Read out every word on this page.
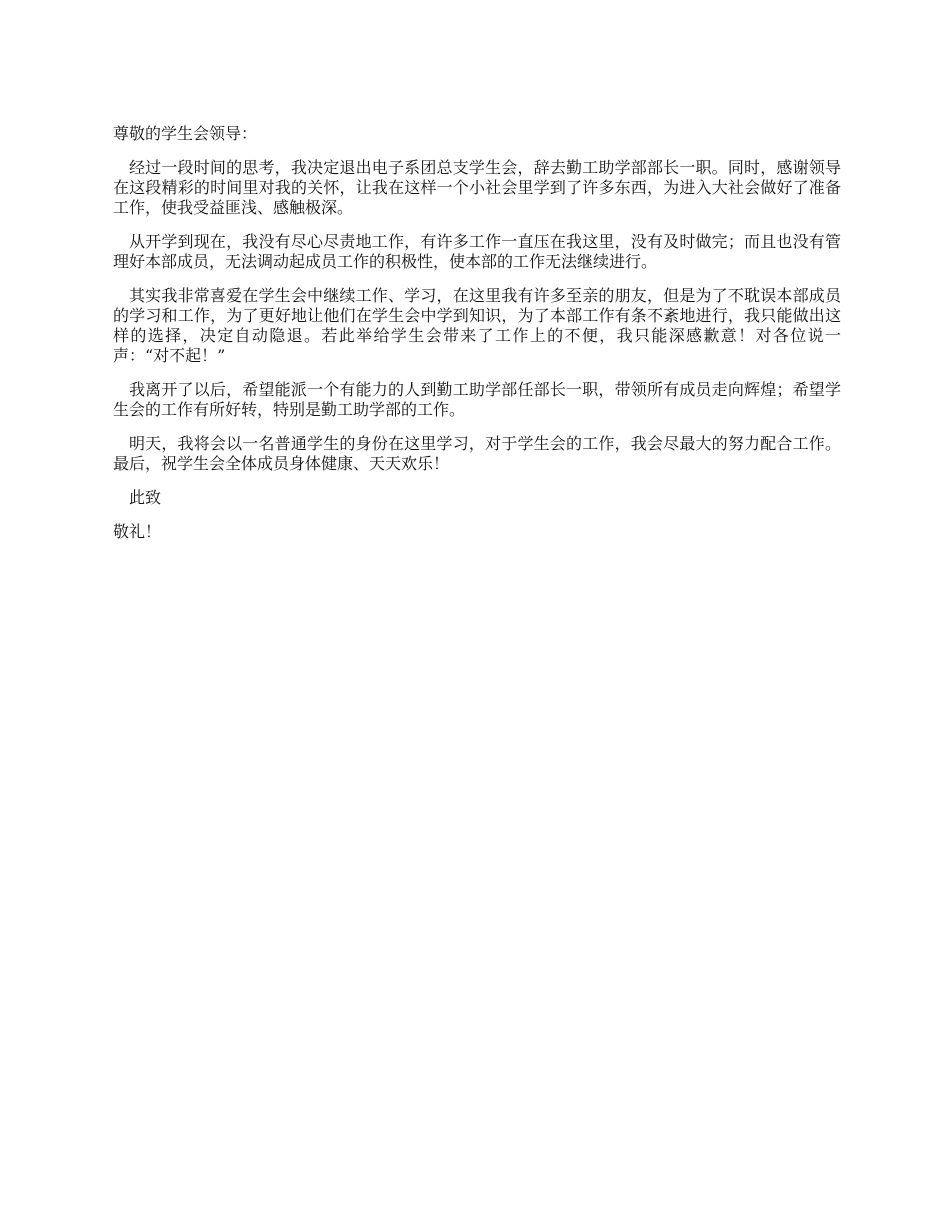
尊敬的学生会领导：

经过一段时间的思考，我决定退出电子系团总支学生会，辞去勤工助学部部长一职。同时，感谢领导在这段精彩的时间里对我的关怀，让我在这样一个小社会里学到了许多东西，为进入大社会做好了准备工作，使我受益匪浅、感触极深。

从开学到现在，我没有尽心尽责地工作，有许多工作一直压在我这里，没有及时做完；而且也没有管理好本部成员，无法调动起成员工作的积极性，使本部的工作无法继续进行。

其实我非常喜爱在学生会中继续工作、学习，在这里我有许多至亲的朋友，但是为了不耽误本部成员的学习和工作，为了更好地让他们在学生会中学到知识，为了本部工作有条不紊地进行，我只能做出这样的选择，决定自动隐退。若此举给学生会带来了工作上的不便，我只能深感歉意！对各位说一声：“对不起！”

我离开了以后，希望能派一个有能力的人到勤工助学部任部长一职，带领所有成员走向辉煌；希望学生会的工作有所好转，特别是勤工助学部的工作。

明天，我将会以一名普通学生的身份在这里学习，对于学生会的工作，我会尽最大的努力配合工作。最后，祝学生会全体成员身体健康、天天欢乐！

此致

敬礼！
